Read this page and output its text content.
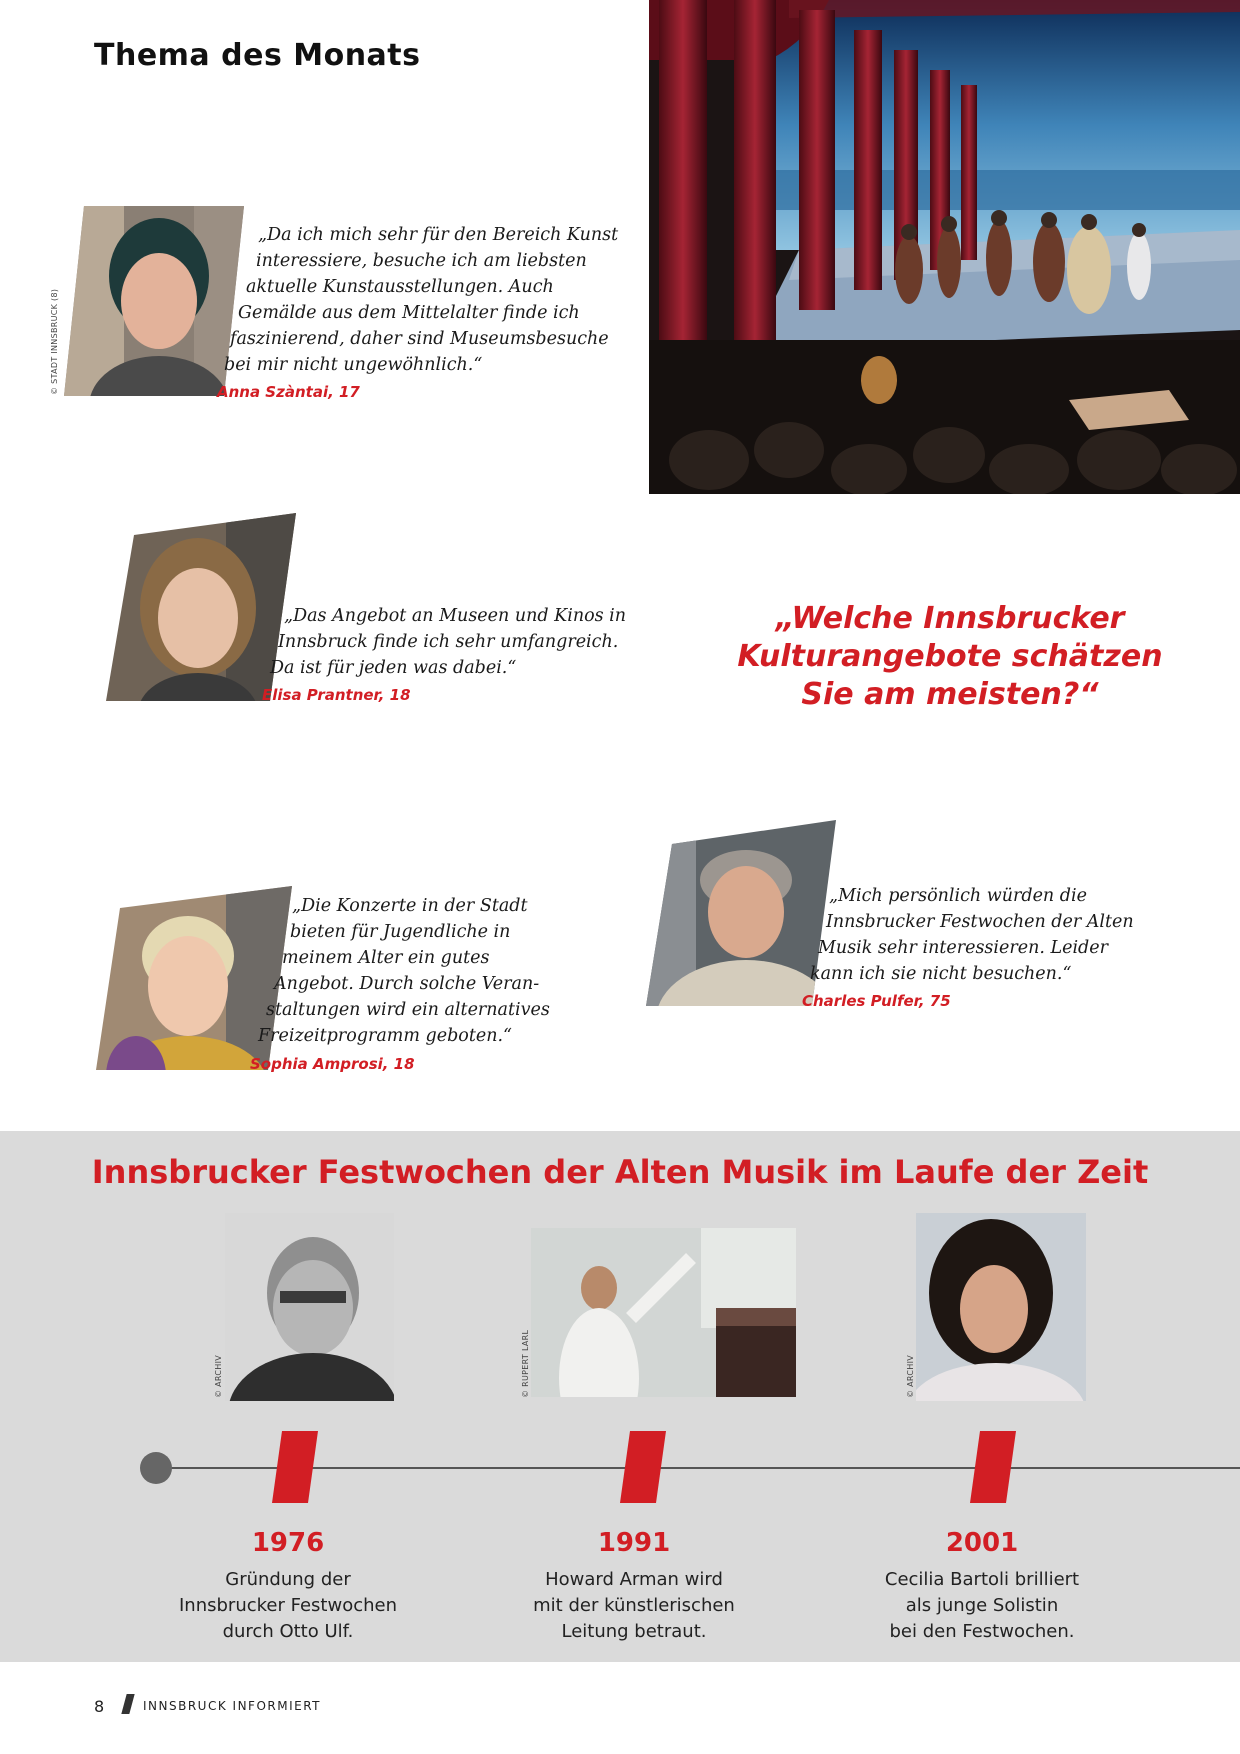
Thema des Monats
© STADT INNSBRUCK (8)
„Da ich mich sehr für den Bereich Kunst
interessiere, besuche ich am liebsten
aktuelle Kunstausstellungen. Auch
Gemälde aus dem Mittelalter finde ich
faszinierend, daher sind Museumsbesuche
bei mir nicht ungewöhnlich.“
Anna Szàntai, 17
„Das Angebot an Museen und Kinos in
Innsbruck finde ich sehr umfangreich.
Da ist für jeden was dabei.“
Elisa Prantner, 18
„Welche Innsbrucker
Kulturangebote schätzen
Sie am meisten?“
„Die Konzerte in der Stadt
bieten für Jugendliche in
meinem Alter ein gutes
Angebot. Durch solche Veran-
staltungen wird ein alternatives
Freizeitprogramm geboten.“
Sophia Amprosi, 18
„Mich persönlich würden die
Innsbrucker Festwochen der Alten
Musik sehr interessieren. Leider
kann ich sie nicht besuchen.“
Charles Pulfer, 75
Innsbrucker Festwochen der Alten Musik im Laufe der Zeit
© ARCHIV	© RUPERT LARL	© ARCHIV
1976
Gründung der
Innsbrucker Festwochen
durch Otto Ulf.
1991
Howard Arman wird
mit der künstlerischen
Leitung betraut.
2001
Cecilia Bartoli brilliert
als junge Solistin
bei den Festwochen.
8	INNSBRUCK INFORMIERT
